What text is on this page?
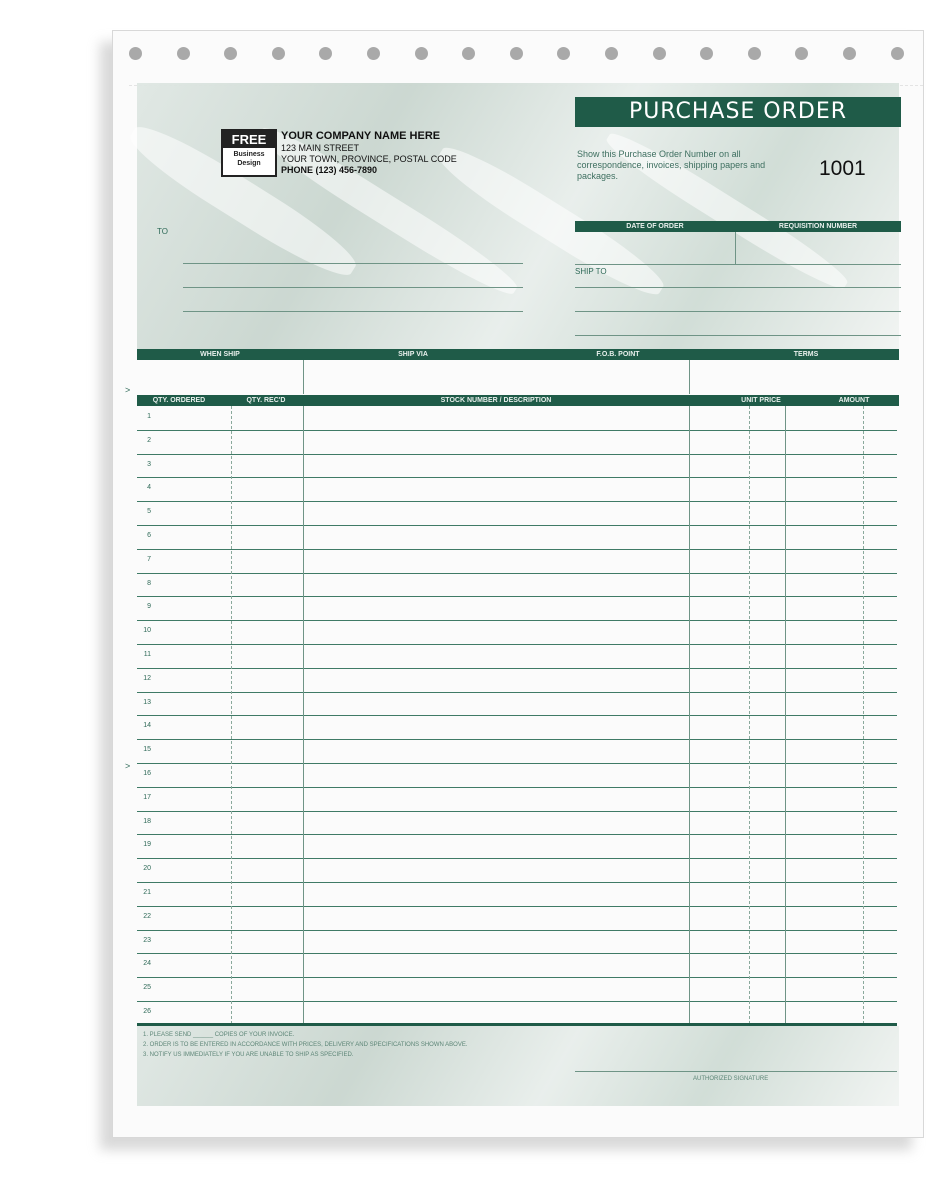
PURCHASE ORDER
Show this Purchase Order Number on all correspondence, invoices, shipping papers and packages.	1001
FREE
Business Design
YOUR COMPANY NAME HERE
123 MAIN STREET
YOUR TOWN, PROVINCE, POSTAL CODE
PHONE (123) 456-7890
TO
DATE OF ORDER	REQUISITION NUMBER
SHIP TO
WHEN SHIP	SHIP VIA	F.O.B. POINT	TERMS
>
QTY. ORDERED	QTY. REC'D	STOCK NUMBER / DESCRIPTION	UNIT PRICE	AMOUNT
1
2
3
4
5
6
7
8
9
10
11
12
13
14
15
16
17
18
19
20
21
22
23
24
25
26
>
1. PLEASE SEND ______ COPIES OF YOUR INVOICE.
2. ORDER IS TO BE ENTERED IN ACCORDANCE WITH PRICES, DELIVERY AND SPECIFICATIONS SHOWN ABOVE.
3. NOTIFY US IMMEDIATELY IF YOU ARE UNABLE TO SHIP AS SPECIFIED.
AUTHORIZED SIGNATURE
